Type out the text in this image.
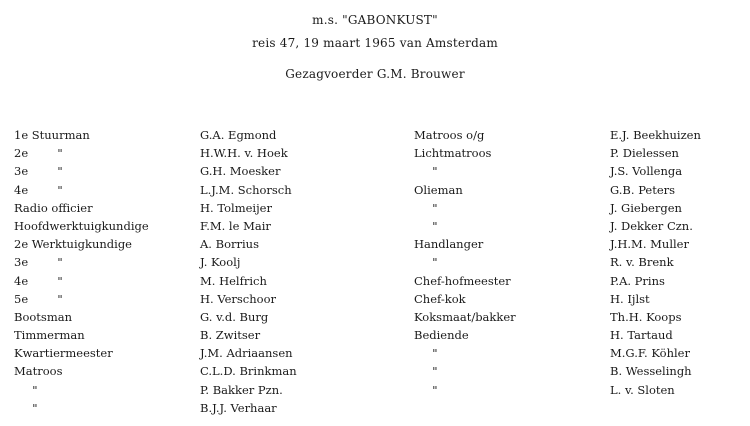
m.s. "GABONKUST"
reis 47, 19 maart 1965 van Amsterdam
Gezagvoerder G.M. Brouwer
1e Stuurman
2e        "
3e        "
4e        "
Radio officier
Hoofdwerktuigkundige
2e Werktuigkundige
3e        "
4e        "
5e        "
Bootsman
Timmerman
Kwartiermeester
Matroos
"
"
G.A. Egmond
H.W.H. v. Hoek
G.H. Moesker
L.J.M. Schorsch
H. Tolmeijer
F.M. le Mair
A. Borrius
J. Koolj
M. Helfrich
H. Verschoor
G. v.d. Burg
B. Zwitser
J.M. Adriaansen
C.L.D. Brinkman
P. Bakker Pzn.
B.J.J. Verhaar
Matroos o/g
Lichtmatroos
"
Olieman
"
"
Handlanger
"
Chef-hofmeester
Chef-kok
Koksmaat/bakker
Bediende
"
"
"
E.J. Beekhuizen
P. Dielessen
J.S. Vollenga
G.B. Peters
J. Giebergen
J. Dekker Czn.
J.H.M. Muller
R. v. Brenk
P.A. Prins
H. Ijlst
Th.H. Koops
H. Tartaud
M.G.F. Köhler
B. Wesselingh
L. v. Sloten
